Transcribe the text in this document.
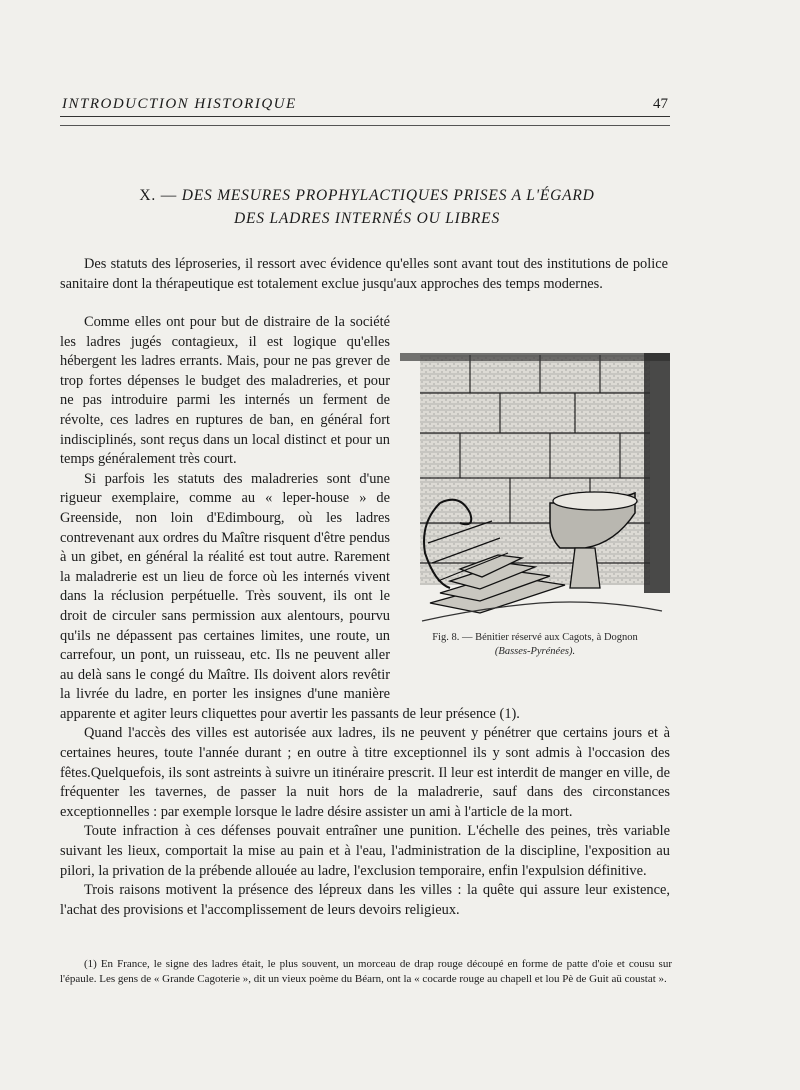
INTRODUCTION HISTORIQUE	47
X. — DES MESURES PROPHYLACTIQUES PRISES A L'ÉGARD
DES LADRES INTERNÉS OU LIBRES

Des statuts des léproseries, il ressort avec évidence qu'elles sont avant tout des institutions de police sanitaire dont la thérapeutique est totalement exclue jusqu'aux approches des temps modernes.

Fig. 8. — Bénitier réservé aux Cagots, à Dognon
(Basses-Pyrénées).

Comme elles ont pour but de distraire de la société les ladres jugés contagieux, il est logique qu'elles hébergent les ladres errants. Mais, pour ne pas grever de trop fortes dépenses le budget des maladreries, et pour ne pas introduire parmi les internés un ferment de révolte, ces ladres en ruptures de ban, en général fort indisciplinés, sont reçus dans un local distinct et pour un temps généralement très court.

Si parfois les statuts des maladreries sont d'une rigueur exemplaire, comme au « leper-house » de Greenside, non loin d'Edimbourg, où les ladres contrevenant aux ordres du Maître risquent d'être pendus à un gibet, en général la réalité est tout autre. Rarement la maladrerie est un lieu de force où les internés vivent dans la réclusion perpétuelle. Très souvent, ils ont le droit de circuler sans permission aux alentours, pourvu qu'ils ne dépassent pas certaines limites, une route, un carrefour, un pont, un ruisseau, etc. Ils ne peuvent aller au delà sans le congé du Maître. Ils doivent alors revêtir la livrée du ladre, en porter les insignes d'une manière apparente et agiter leurs cliquettes pour avertir les passants de leur présence (1).

Quand l'accès des villes est autorisée aux ladres, ils ne peuvent y pénétrer que certains jours et à certaines heures, toute l'année durant ; en outre à titre exceptionnel ils y sont admis à l'occasion des fêtes.Quelquefois, ils sont astreints à suivre un itinéraire prescrit. Il leur est interdit de manger en ville, de fréquenter les tavernes, de passer la nuit hors de la maladrerie, sauf dans des circonstances exceptionnelles : par exemple lorsque le ladre désire assister un ami à l'article de la mort.

Toute infraction à ces défenses pouvait entraîner une punition. L'échelle des peines, très variable suivant les lieux, comportait la mise au pain et à l'eau, l'administration de la discipline, l'exposition au pilori, la privation de la prébende allouée au ladre, l'exclusion temporaire, enfin l'expulsion définitive.

Trois raisons motivent la présence des lépreux dans les villes : la quête qui assure leur existence, l'achat des provisions et l'accomplissement de leurs devoirs religieux.

(1) En France, le signe des ladres était, le plus souvent, un morceau de drap rouge découpé en forme de patte d'oie et cousu sur l'épaule. Les gens de « Grande Cagoterie », dit un vieux poème du Béarn, ont la « cocarde rouge au chapell et lou Pè de Guit aü coustat ».
